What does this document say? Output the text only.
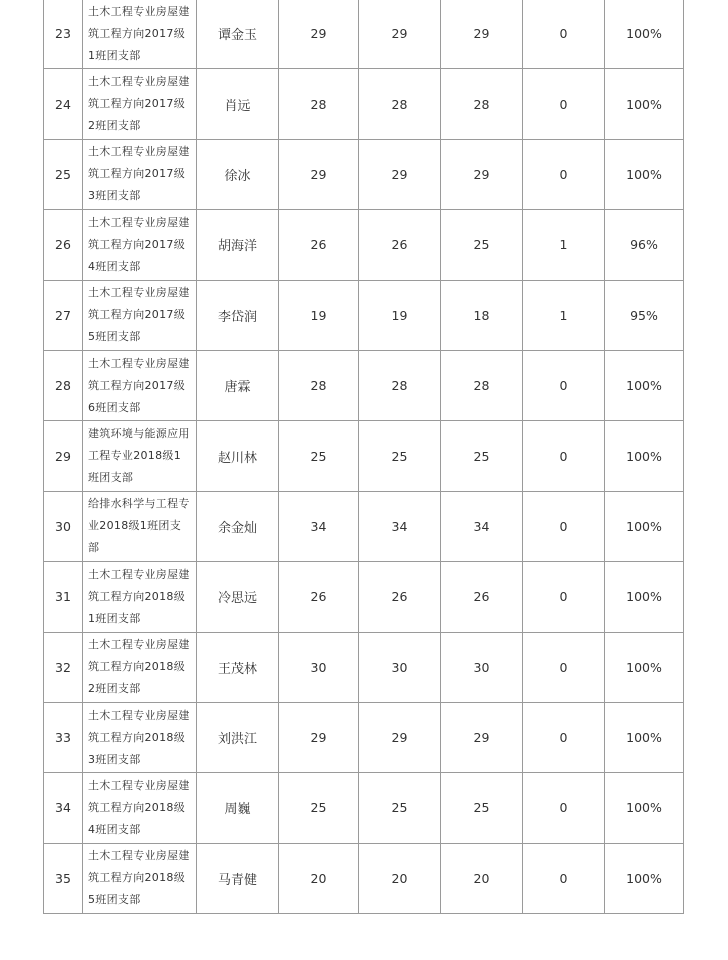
23	土木工程专业房屋建筑工程方向2017级1班团支部	谭金玉	29	29	29	0	100%
24	土木工程专业房屋建筑工程方向2017级2班团支部	肖远	28	28	28	0	100%
25	土木工程专业房屋建筑工程方向2017级3班团支部	徐冰	29	29	29	0	100%
26	土木工程专业房屋建筑工程方向2017级4班团支部	胡海洋	26	26	25	1	96%
27	土木工程专业房屋建筑工程方向2017级5班团支部	李岱润	19	19	18	1	95%
28	土木工程专业房屋建筑工程方向2017级6班团支部	唐霖	28	28	28	0	100%
29	建筑环境与能源应用工程专业2018级1班团支部	赵川林	25	25	25	0	100%
30	给排水科学与工程专业2018级1班团支部	余金灿	34	34	34	0	100%
31	土木工程专业房屋建筑工程方向2018级1班团支部	冷思远	26	26	26	0	100%
32	土木工程专业房屋建筑工程方向2018级2班团支部	王茂林	30	30	30	0	100%
33	土木工程专业房屋建筑工程方向2018级3班团支部	刘洪江	29	29	29	0	100%
34	土木工程专业房屋建筑工程方向2018级4班团支部	周巍	25	25	25	0	100%
35	土木工程专业房屋建筑工程方向2018级5班团支部	马青健	20	20	20	0	100%
